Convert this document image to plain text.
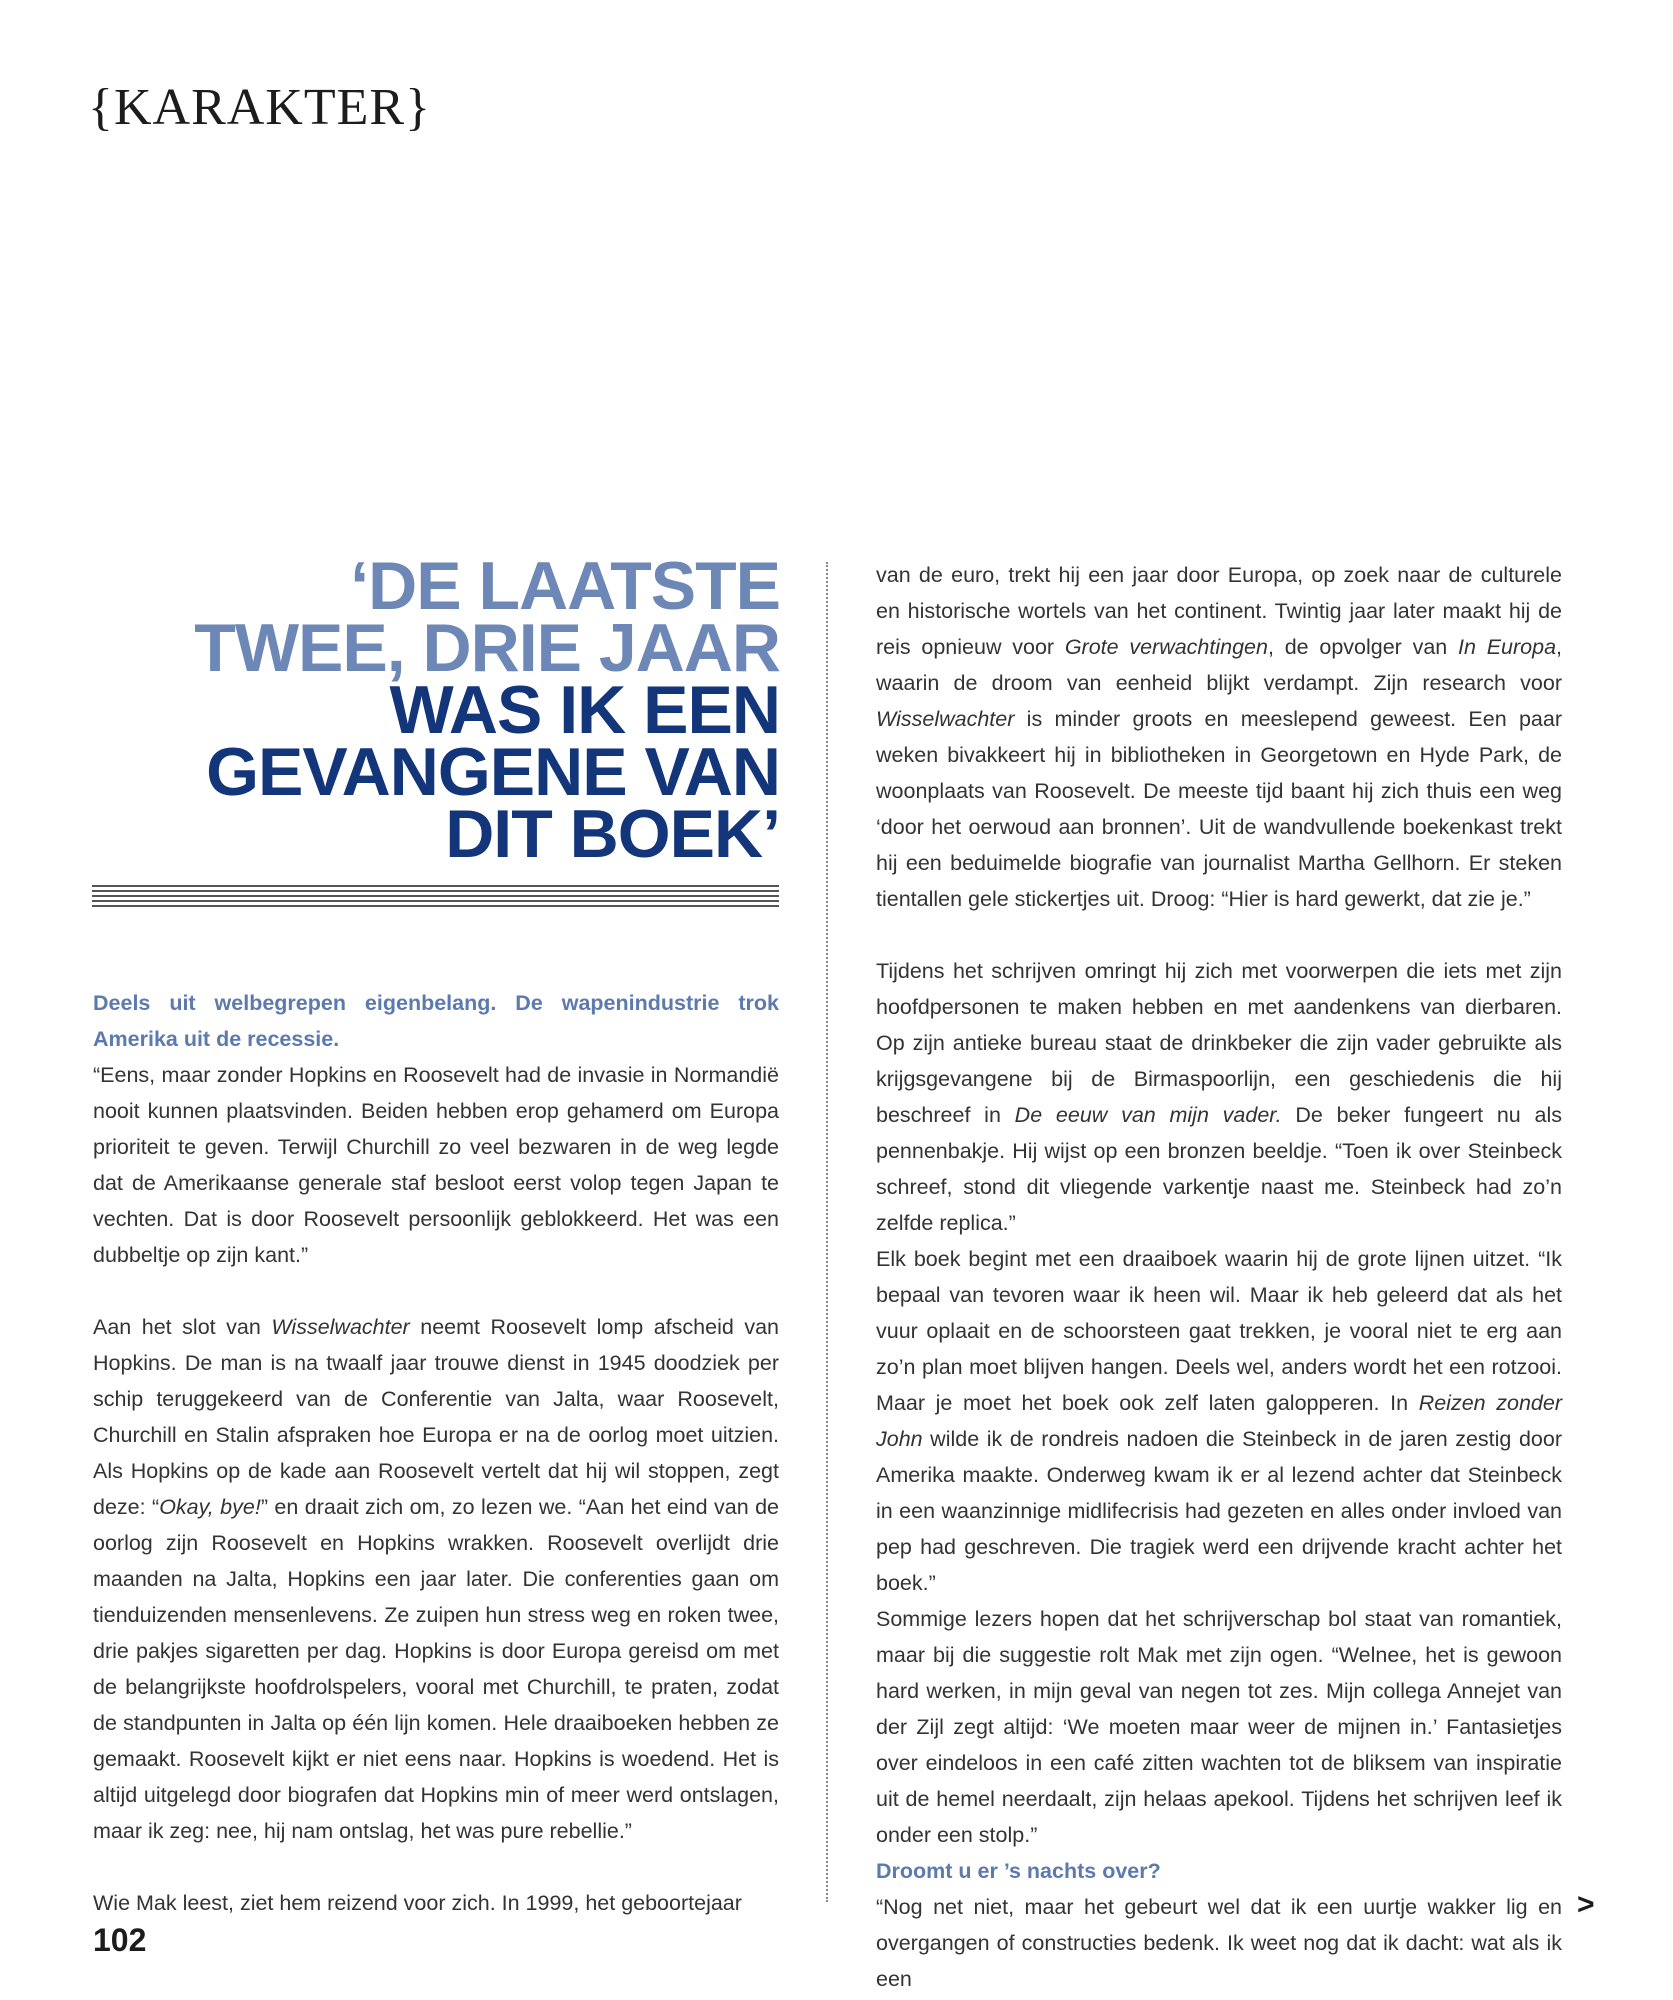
{KARAKTER}
‘DE LAATSTE
TWEE, DRIE JAAR
WAS IK EEN
GEVANGENE VAN
DIT BOEK’

Deels uit welbegrepen eigenbelang. De wapenindustrie trok Amerika uit de recessie.

“Eens, maar zonder Hopkins en Roosevelt had de invasie in Normandië nooit kunnen plaatsvinden. Beiden hebben erop gehamerd om Europa prioriteit te geven. Terwijl Churchill zo veel bezwaren in de weg legde dat de Amerikaanse generale staf besloot eerst volop tegen Japan te vechten. Dat is door Roosevelt persoonlijk geblokkeerd. Het was een dubbeltje op zijn kant.”

Aan het slot van Wisselwachter neemt Roosevelt lomp afscheid van Hopkins. De man is na twaalf jaar trouwe dienst in 1945 doodziek per schip teruggekeerd van de Conferentie van Jalta, waar Roosevelt, Churchill en Stalin afspraken hoe Europa er na de oorlog moet uitzien. Als Hopkins op de kade aan Roosevelt vertelt dat hij wil stoppen, zegt deze: “Okay, bye!” en draait zich om, zo lezen we. “Aan het eind van de oorlog zijn Roosevelt en Hopkins wrakken. Roosevelt overlijdt drie maanden na Jalta, Hopkins een jaar later. Die conferenties gaan om tienduizenden mensenlevens. Ze zuipen hun stress weg en roken twee, drie pakjes sigaretten per dag. Hopkins is door Europa gereisd om met de belangrijkste hoofdrolspelers, vooral met Churchill, te praten, zodat de standpunten in Jalta op één lijn komen. Hele draaiboeken hebben ze gemaakt. Roosevelt kijkt er niet eens naar. Hopkins is woedend. Het is altijd uitgelegd door biografen dat Hopkins min of meer werd ontslagen, maar ik zeg: nee, hij nam ontslag, het was pure rebellie.”

Wie Mak leest, ziet hem reizend voor zich. In 1999, het geboortejaar

van de euro, trekt hij een jaar door Europa, op zoek naar de culturele en historische wortels van het continent. Twintig jaar later maakt hij de reis opnieuw voor Grote verwachtingen, de opvolger van In Europa, waarin de droom van eenheid blijkt verdampt. Zijn research voor Wisselwachter is minder groots en meeslepend geweest. Een paar weken bivakkeert hij in bibliotheken in Georgetown en Hyde Park, de woonplaats van Roosevelt. De meeste tijd baant hij zich thuis een weg ‘door het oerwoud aan bronnen’. Uit de wandvullende boekenkast trekt hij een beduimelde biografie van journalist Martha Gellhorn. Er steken tientallen gele stickertjes uit. Droog: “Hier is hard gewerkt, dat zie je.”

Tijdens het schrijven omringt hij zich met voorwerpen die iets met zijn hoofdpersonen te maken hebben en met aandenkens van dierbaren. Op zijn antieke bureau staat de drinkbeker die zijn vader gebruikte als krijgsgevangene bij de Birmaspoorlijn, een geschiedenis die hij beschreef in De eeuw van mijn vader. De beker fungeert nu als pennenbakje. Hij wijst op een bronzen beeldje. “Toen ik over Steinbeck schreef, stond dit vliegende varkentje naast me. Steinbeck had zo’n zelfde replica.”

Elk boek begint met een draaiboek waarin hij de grote lijnen uitzet. “Ik bepaal van tevoren waar ik heen wil. Maar ik heb geleerd dat als het vuur oplaait en de schoorsteen gaat trekken, je vooral niet te erg aan zo’n plan moet blijven hangen. Deels wel, anders wordt het een rotzooi. Maar je moet het boek ook zelf laten galopperen. In Reizen zonder John wilde ik de rondreis nadoen die Steinbeck in de jaren zestig door Amerika maakte. Onderweg kwam ik er al lezend achter dat Steinbeck in een waanzinnige midlifecrisis had gezeten en alles onder invloed van pep had geschreven. Die tragiek werd een drijvende kracht achter het boek.”

Sommige lezers hopen dat het schrijverschap bol staat van romantiek, maar bij die suggestie rolt Mak met zijn ogen. “Welnee, het is gewoon hard werken, in mijn geval van negen tot zes. Mijn collega Annejet van der Zijl zegt altijd: ‘We moeten maar weer de mijnen in.’ Fantasietjes over eindeloos in een café zitten wachten tot de bliksem van inspiratie uit de hemel neerdaalt, zijn helaas apekool. Tijdens het schrijven leef ik onder een stolp.”

Droomt u er ’s nachts over?

“Nog net niet, maar het gebeurt wel dat ik een uurtje wakker lig en overgangen of constructies bedenk. Ik weet nog dat ik dacht: wat als ik een

102

>
